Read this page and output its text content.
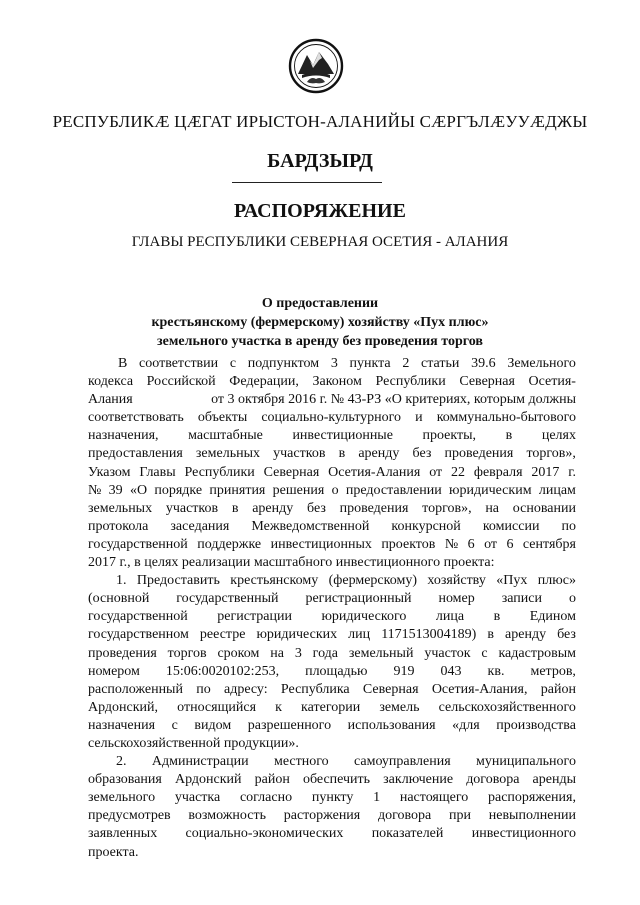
РЕСПУБЛИКӔ ЦӔГАТ ИРЫСТОН-АЛАНИЙЫ СӔРГЪЛӔУУӔДЖЫ
БАРДЗЫРД
РАСПОРЯЖЕНИЕ
ГЛАВЫ РЕСПУБЛИКИ СЕВЕРНАЯ ОСЕТИЯ - АЛАНИЯ
О предоставлении
крестьянскому (фермерскому) хозяйству «Пух плюс»
земельного участка в аренду без проведения торгов
В соответствии с подпунктом 3 пункта 2 статьи 39.6 Земельного
кодекса Российской Федерации, Законом Республики Северная Осетия-
Алания	от 3 октября 2016 г. № 43-РЗ «О критериях, которым должны
соответствовать объекты социально-культурного и коммунально-бытового
назначения, масштабные инвестиционные проекты, в целях
предоставления земельных участков в аренду без проведения торгов»,
Указом Главы Республики Северная Осетия-Алания от 22 февраля 2017 г.
№ 39 «О порядке принятия решения о предоставлении юридическим лицам
земельных участков в аренду без проведения торгов», на основании
протокола заседания Межведомственной конкурсной комиссии по
государственной поддержке инвестиционных проектов № 6 от 6 сентября
2017 г., в целях реализации масштабного инвестиционного проекта:
1. Предоставить крестьянскому (фермерскому) хозяйству «Пух плюс»
(основной государственный регистрационный номер записи о
государственной регистрации юридического лица в Едином
государственном реестре юридических лиц 1171513004189) в аренду без
проведения торгов сроком на 3 года земельный участок с кадастровым
номером 15:06:0020102:253, площадью 919 043 кв. метров,
расположенный по адресу: Республика Северная Осетия-Алания, район
Ардонский, относящийся к категории земель сельскохозяйственного
назначения с видом разрешенного использования «для производства
сельскохозяйственной продукции».
2. Администрации местного самоуправления муниципального
образования Ардонский район обеспечить заключение договора аренды
земельного участка согласно пункту 1 настоящего распоряжения,
предусмотрев возможность расторжения договора при невыполнении
заявленных социально-экономических показателей инвестиционного
проекта.
